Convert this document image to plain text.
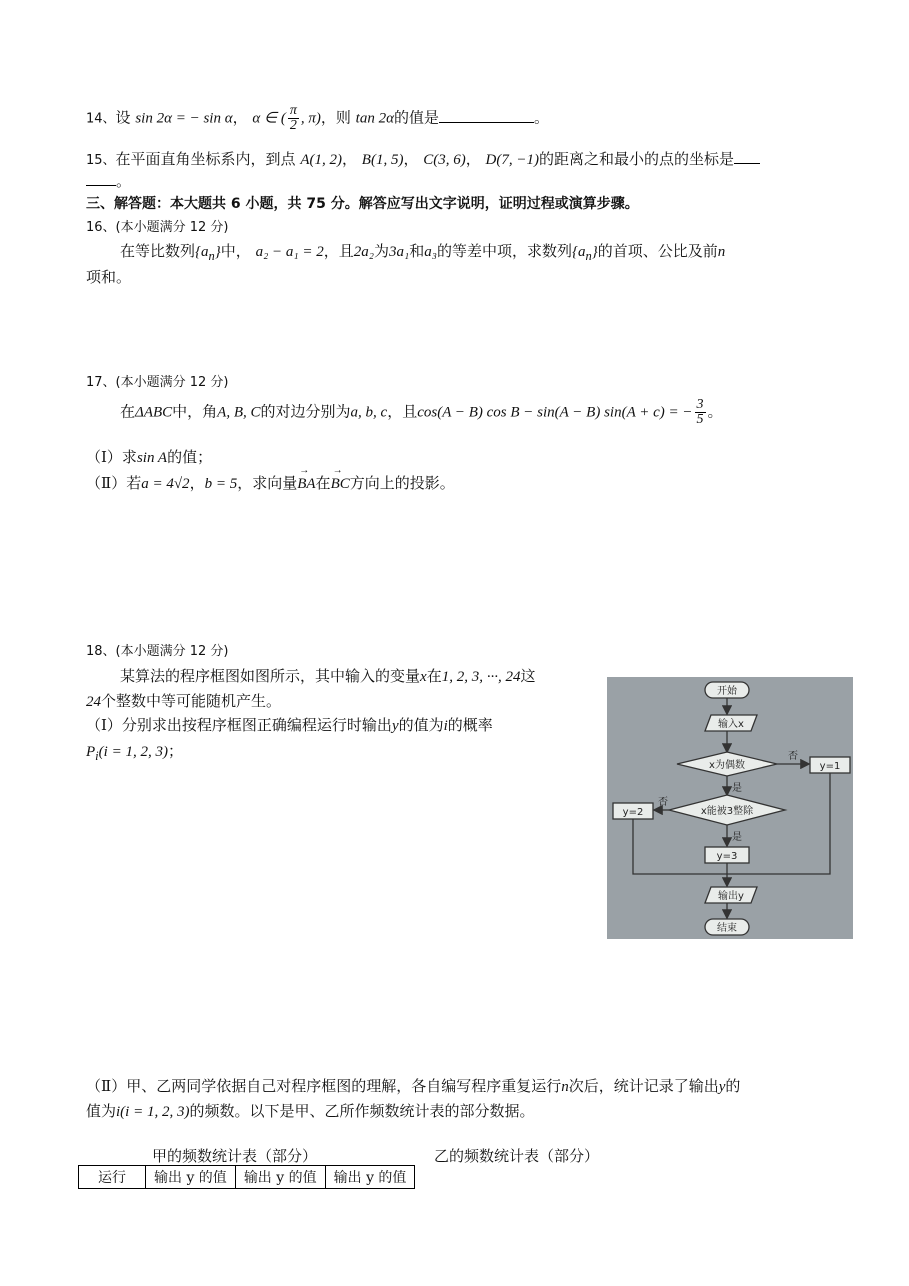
14、设 sin 2α = − sin α， α ∈ ( $\frac{\pi}{2}$ , π)，则 tan 2α的值是	。
15、在平面直角坐标系内，到点 A(1, 2)， B(1, 5)， C(3, 6)， D(7, −1)的距离之和最小的点的坐标是
。
三、解答题：本大题共 6 小题，共 75 分。解答应写出文字说明，证明过程或演算步骤。
16、(本小题满分 12 分)
在等比数列$\{a_n\}$中， a₂ − a₁ = 2，且2a₂为3a₁和a₃的等差中项，求数列$\{a_n\}$的首项、公比及前n
项和。
17、(本小题满分 12 分)
在ΔABC中，角A, B, C的对边分别为a, b, c，且cos(A − B) cos B − sin(A − B) sin(A + c) = − $\frac{3}{5}$ 。
（Ⅰ）求sin A的值；
（Ⅱ）若a = 4√2，b = 5，求向量→ BA在→ BC方向上的投影。
18、(本小题满分 12 分)
某算法的程序框图如图所示，其中输入的变量x在1, 2, 3, ···, 24这
24个整数中等可能随机产生。
（Ⅰ）分别求出按程序框图正确编程运行时输出y的值为i的概率
$P_i(i = 1$, 2, 3)；
开始
输入x
x为偶数
否
y=1
是
x能被3整除
否
y=2
是
y=3
输出y
结束
（Ⅱ）甲、乙两同学依据自己对程序框图的理解，各自编写程序重复运行n次后，统计记录了输出y的
值为i(i = 1, 2, 3)的频数。以下是甲、乙所作频数统计表的部分数据。
甲的频数统计表（部分）	乙的频数统计表（部分）
运行	输出 y 的值	输出 y 的值	输出 y 的值
